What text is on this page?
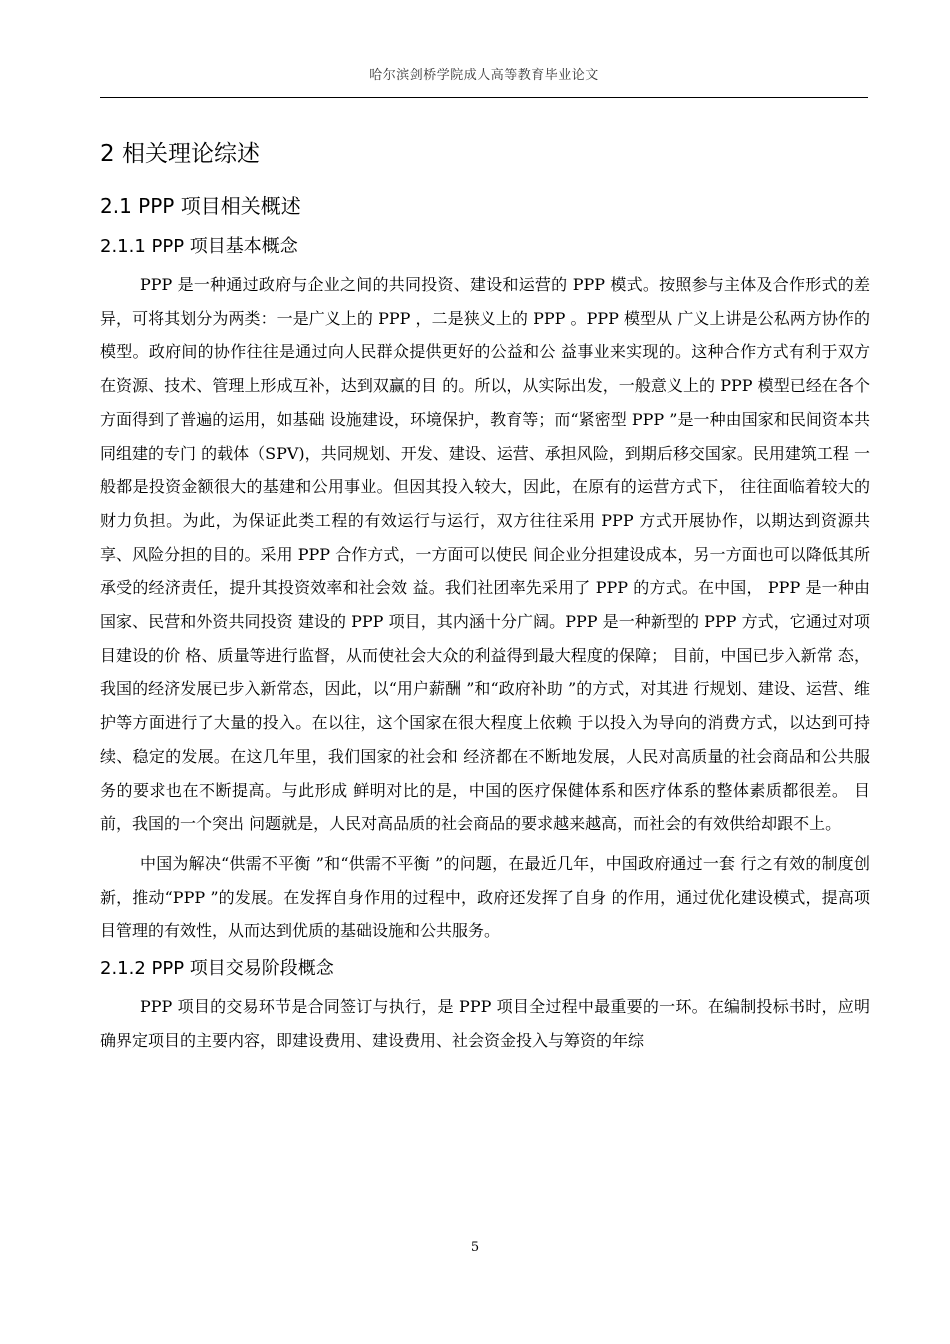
哈尔滨剑桥学院成人高等教育毕业论文
2 相关理论综述
2.1 PPP 项目相关概述
2.1.1 PPP 项目基本概念

PPP 是一种通过政府与企业之间的共同投资、建设和运营的 PPP 模式。按照参与主体及合作形式的差异，可将其划分为两类：一是广义上的 PPP ，二是狭义上的 PPP 。PPP 模型从 广义上讲是公私两方协作的模型。政府间的协作往往是通过向人民群众提供更好的公益和公 益事业来实现的。这种合作方式有利于双方在资源、技术、管理上形成互补，达到双赢的目 的。所以，从实际出发，一般意义上的 PPP 模型已经在各个方面得到了普遍的运用，如基础 设施建设，环境保护，教育等；而“紧密型 PPP ”是一种由国家和民间资本共同组建的专门 的载体（SPV)，共同规划、开发、建设、运营、承担风险，到期后移交国家。民用建筑工程 一般都是投资金额很大的基建和公用事业。但因其投入较大，因此，在原有的运营方式下， 往往面临着较大的财力负担。为此，为保证此类工程的有效运行与运行，双方往往采用 PPP 方式开展协作，以期达到资源共享、风险分担的目的。采用 PPP 合作方式，一方面可以使民 间企业分担建设成本，另一方面也可以降低其所承受的经济责任，提升其投资效率和社会效 益。我们社团率先采用了 PPP 的方式。在中国， PPP 是一种由国家、民营和外资共同投资 建设的 PPP 项目，其内涵十分广阔。PPP 是一种新型的 PPP 方式，它通过对项目建设的价 格、质量等进行监督，从而使社会大众的利益得到最大程度的保障； 目前，中国已步入新常 态，我国的经济发展已步入新常态，因此，以“用户薪酬 ”和“政府补助 ”的方式，对其进 行规划、建设、运营、维护等方面进行了大量的投入。在以往，这个国家在很大程度上依赖 于以投入为导向的消费方式，以达到可持续、稳定的发展。在这几年里，我们国家的社会和 经济都在不断地发展，人民对高质量的社会商品和公共服务的要求也在不断提高。与此形成 鲜明对比的是，中国的医疗保健体系和医疗体系的整体素质都很差。 目前，我国的一个突出 问题就是，人民对高品质的社会商品的要求越来越高，而社会的有效供给却跟不上。

中国为解决“供需不平衡 ”和“供需不平衡 ”的问题，在最近几年，中国政府通过一套 行之有效的制度创新，推动“PPP ”的发展。在发挥自身作用的过程中，政府还发挥了自身 的作用，通过优化建设模式，提高项目管理的有效性，从而达到优质的基础设施和公共服务。

2.1.2 PPP 项目交易阶段概念

PPP 项目的交易环节是合同签订与执行，是 PPP 项目全过程中最重要的一环。在编制投标书时，应明确界定项目的主要内容，即建设费用、建设费用、社会资金投入与筹资的年综

5
